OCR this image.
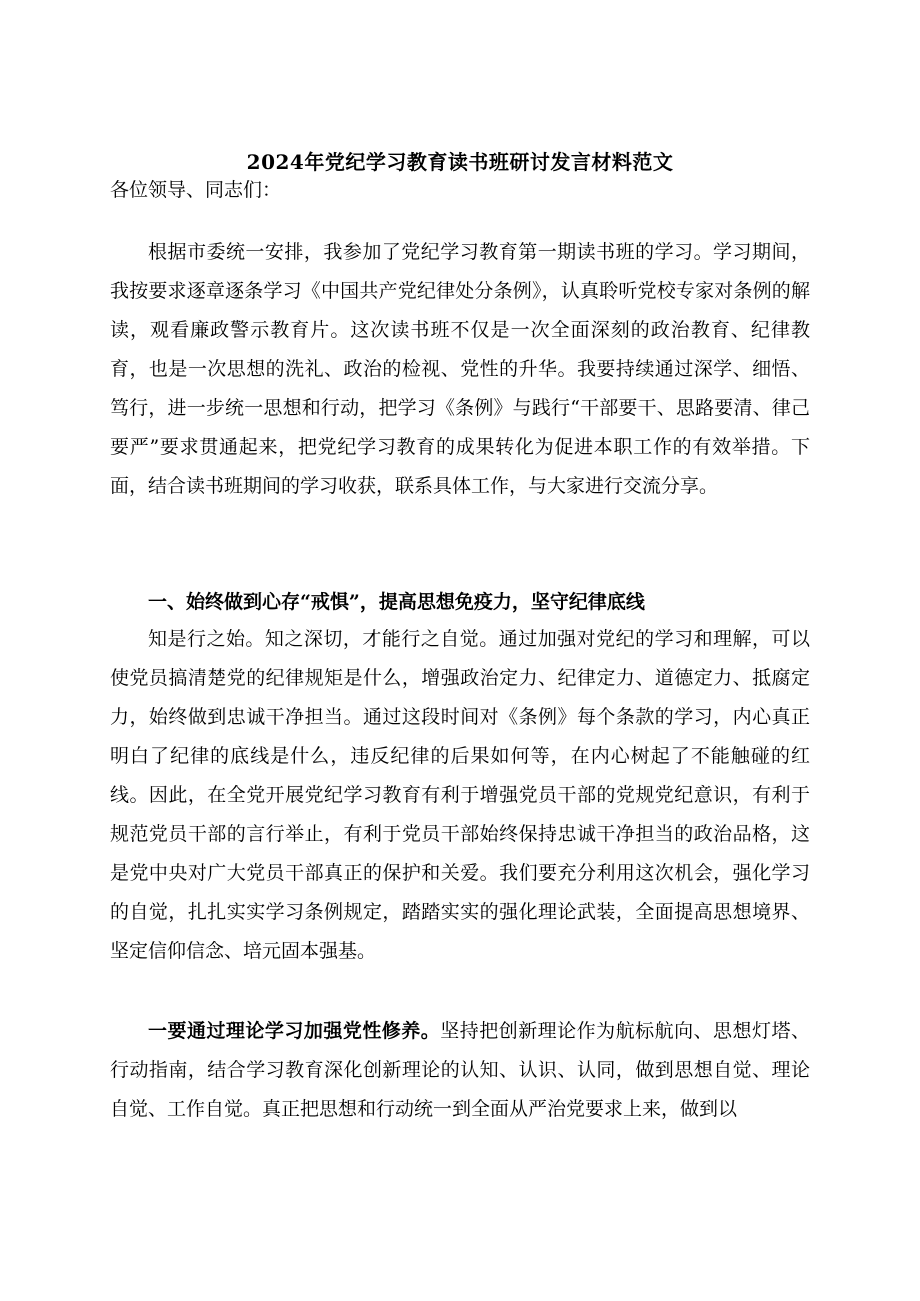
2024年党纪学习教育读书班研讨发言材料范文
各位领导、同志们：

根据市委统一安排，我参加了党纪学习教育第一期读书班的学习。学习期间，我按要求逐章逐条学习《中国共产党纪律处分条例》，认真聆听党校专家对条例的解读，观看廉政警示教育片。这次读书班不仅是一次全面深刻的政治教育、纪律教育，也是一次思想的洗礼、政治的检视、党性的升华。我要持续通过深学、细悟、笃行，进一步统一思想和行动，把学习《条例》与践行“干部要干、思路要清、律己要严”要求贯通起来，把党纪学习教育的成果转化为促进本职工作的有效举措。下面，结合读书班期间的学习收获，联系具体工作，与大家进行交流分享。

一、始终做到心存“戒惧”，提高思想免疫力，坚守纪律底线

知是行之始。知之深切，才能行之自觉。通过加强对党纪的学习和理解，可以使党员搞清楚党的纪律规矩是什么，增强政治定力、纪律定力、道德定力、抵腐定力，始终做到忠诚干净担当。通过这段时间对《条例》每个条款的学习，内心真正明白了纪律的底线是什么，违反纪律的后果如何等，在内心树起了不能触碰的红线。因此，在全党开展党纪学习教育有利于增强党员干部的党规党纪意识，有利于规范党员干部的言行举止，有利于党员干部始终保持忠诚干净担当的政治品格，这是党中央对广大党员干部真正的保护和关爱。我们要充分利用这次机会，强化学习的自觉，扎扎实实学习条例规定，踏踏实实的强化理论武装，全面提高思想境界、坚定信仰信念、培元固本强基。

一要通过理论学习加强党性修养。坚持把创新理论作为航标航向、思想灯塔、行动指南，结合学习教育深化创新理论的认知、认识、认同，做到思想自觉、理论自觉、工作自觉。真正把思想和行动统一到全面从严治党要求上来，做到以
